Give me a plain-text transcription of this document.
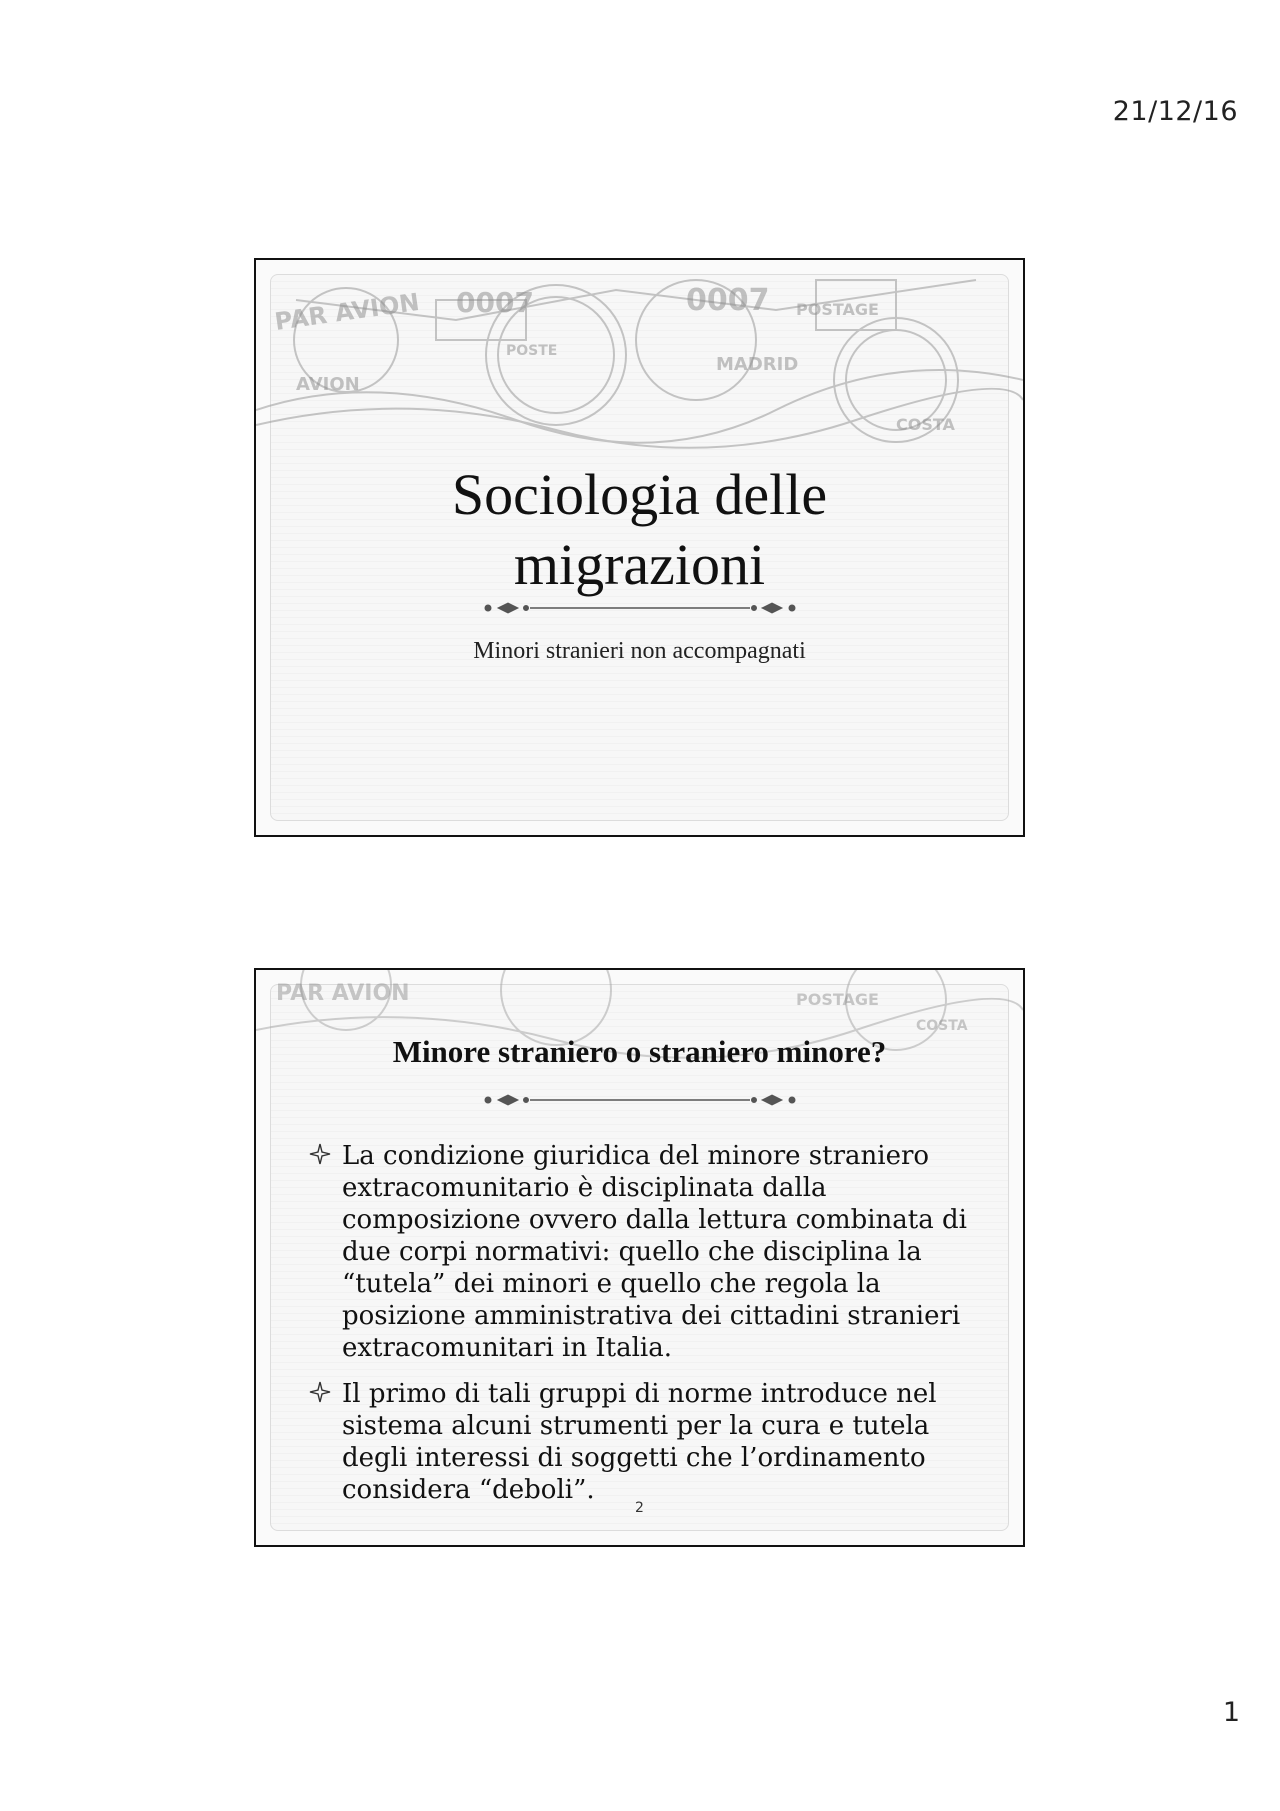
21/12/16
PAR AVION 0007	0007 POSTAGE
MADRID
COSTA
POSTE
AVION
Sociologia delle
migrazioni
Minori stranieri non accompagnati
PAR AVION	POSTAGE
COSTA
Minore straniero o straniero minore?
La condizione giuridica del minore straniero extracomunitario è disciplinata dalla composizione ovvero dalla lettura combinata di due corpi normativi: quello che disciplina la “tutela” dei minori e quello che regola la posizione amministrativa dei cittadini stranieri extracomunitari in Italia.
Il primo di tali gruppi di norme introduce nel sistema alcuni strumenti per la cura e tutela degli interessi di soggetti che l’ordinamento considera “deboli”.
2
1
